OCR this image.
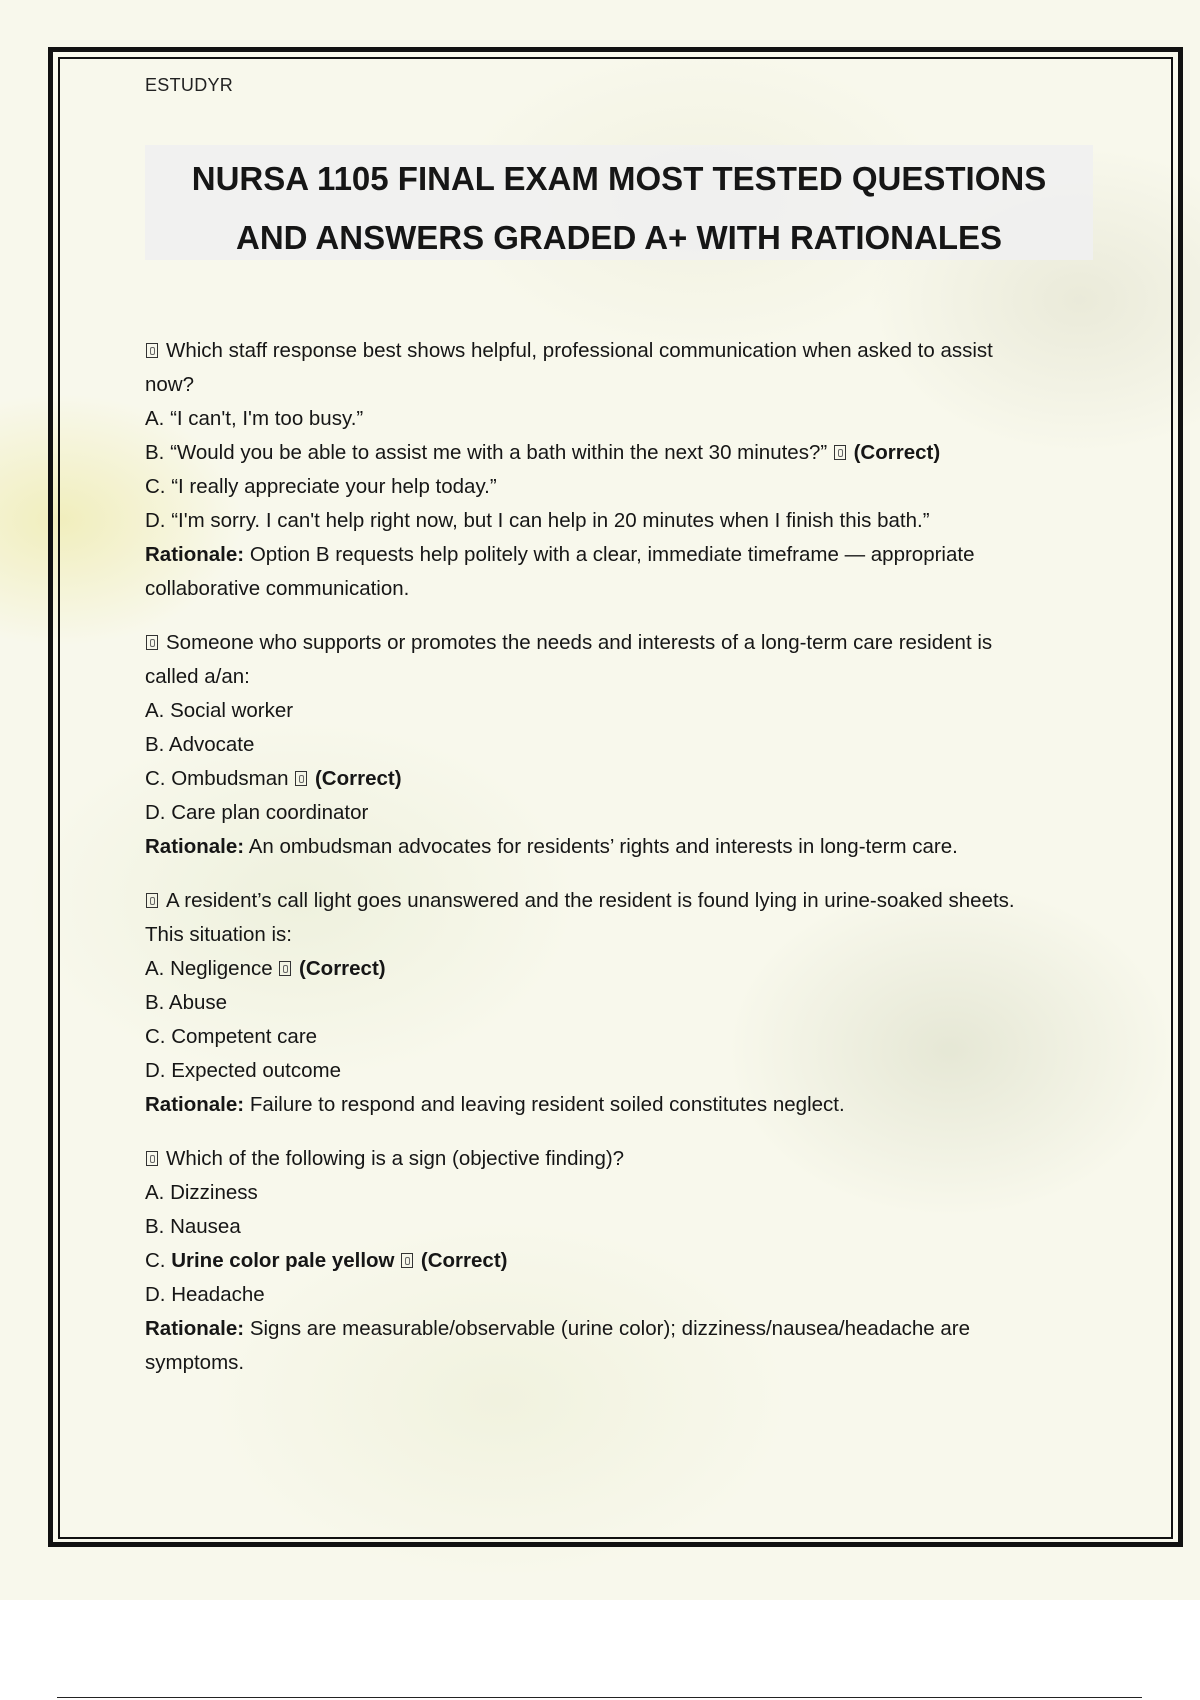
ESTUDYR
NURSA 1105 FINAL EXAM MOST TESTED QUESTIONS
AND ANSWERS GRADED A+ WITH RATIONALES
Which staff response best shows helpful, professional communication when asked to assist
now?
A. “I can't, I'm too busy.”
B. “Would you be able to assist me with a bath within the next 30 minutes?” (Correct)
C. “I really appreciate your help today.”
D. “I'm sorry. I can't help right now, but I can help in 20 minutes when I finish this bath.”
Rationale: Option B requests help politely with a clear, immediate timeframe — appropriate
collaborative communication.
Someone who supports or promotes the needs and interests of a long-term care resident is
called a/an:
A. Social worker
B. Advocate
C. Ombudsman (Correct)
D. Care plan coordinator
Rationale: An ombudsman advocates for residents’ rights and interests in long-term care.
A resident’s call light goes unanswered and the resident is found lying in urine-soaked sheets.
This situation is:
A. Negligence (Correct)
B. Abuse
C. Competent care
D. Expected outcome
Rationale: Failure to respond and leaving resident soiled constitutes neglect.
Which of the following is a sign (objective finding)?
A. Dizziness
B. Nausea
C. Urine color pale yellow (Correct)
D. Headache
Rationale: Signs are measurable/observable (urine color); dizziness/nausea/headache are
symptoms.
